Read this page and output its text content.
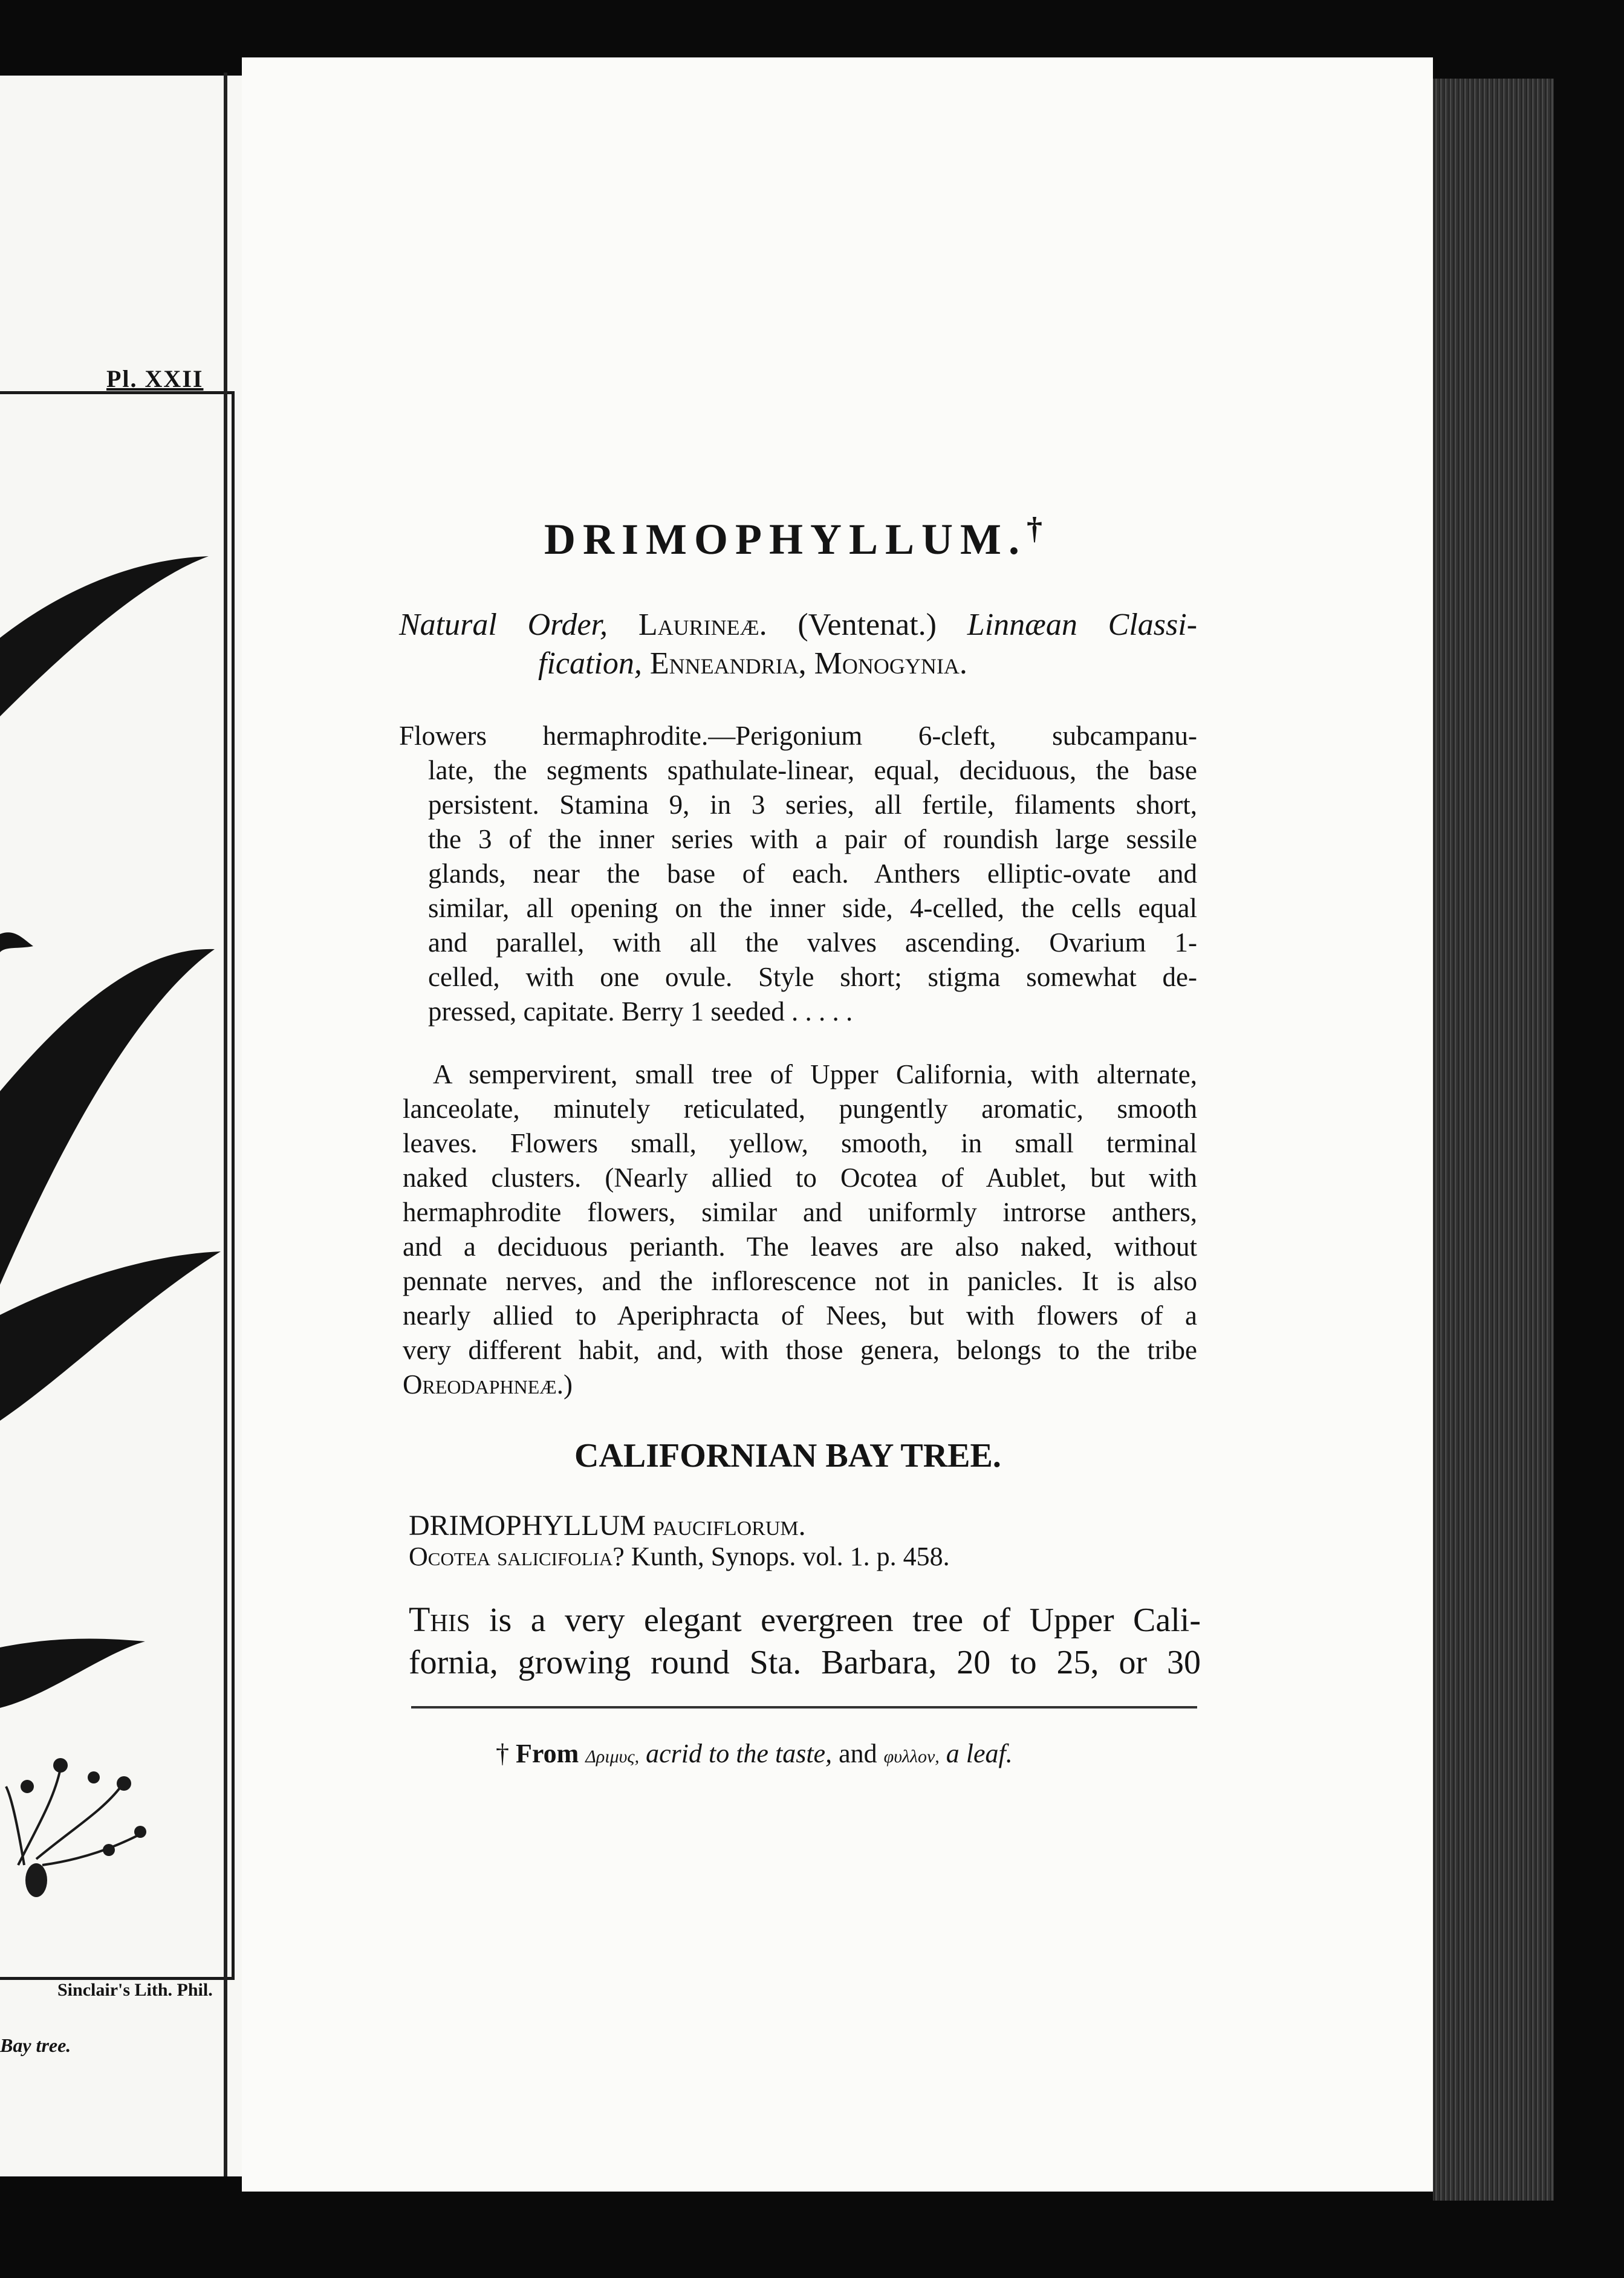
Pl. XXII
Sinclair's Lith. Phil.
Bay tree.
DRIMOPHYLLUM.†
Natural Order, Laurineæ. (Ventenat.) Linnæan Classi-
fication, Enneandria, Monogynia.
Flowers hermaphrodite.—Perigonium 6-cleft, subcampanu-
late, the segments spathulate-linear, equal, deciduous, the base
persistent. Stamina 9, in 3 series, all fertile, filaments short,
the 3 of the inner series with a pair of roundish large sessile
glands, near the base of each. Anthers elliptic-ovate and
similar, all opening on the inner side, 4-celled, the cells equal
and parallel, with all the valves ascending. Ovarium 1-
celled, with one ovule. Style short; stigma somewhat de-
pressed, capitate. Berry 1 seeded . . . . .
A sempervirent, small tree of Upper California, with alternate,
lanceolate, minutely reticulated, pungently aromatic, smooth
leaves. Flowers small, yellow, smooth, in small terminal
naked clusters. (Nearly allied to Ocotea of Aublet, but with
hermaphrodite flowers, similar and uniformly introrse anthers,
and a deciduous perianth. The leaves are also naked, without
pennate nerves, and the inflorescence not in panicles. It is also
nearly allied to Aperiphracta of Nees, but with flowers of a
very different habit, and, with those genera, belongs to the tribe
Oreodaphneæ.)
CALIFORNIAN BAY TREE.
DRIMOPHYLLUM pauciflorum.
Ocotea salicifolia? Kunth, Synops. vol. 1. p. 458.
This is a very elegant evergreen tree of Upper Cali-
fornia, growing round Sta. Barbara, 20 to 25, or 30
† From Δριμυς, acrid to the taste, and φυλλον, a leaf.
